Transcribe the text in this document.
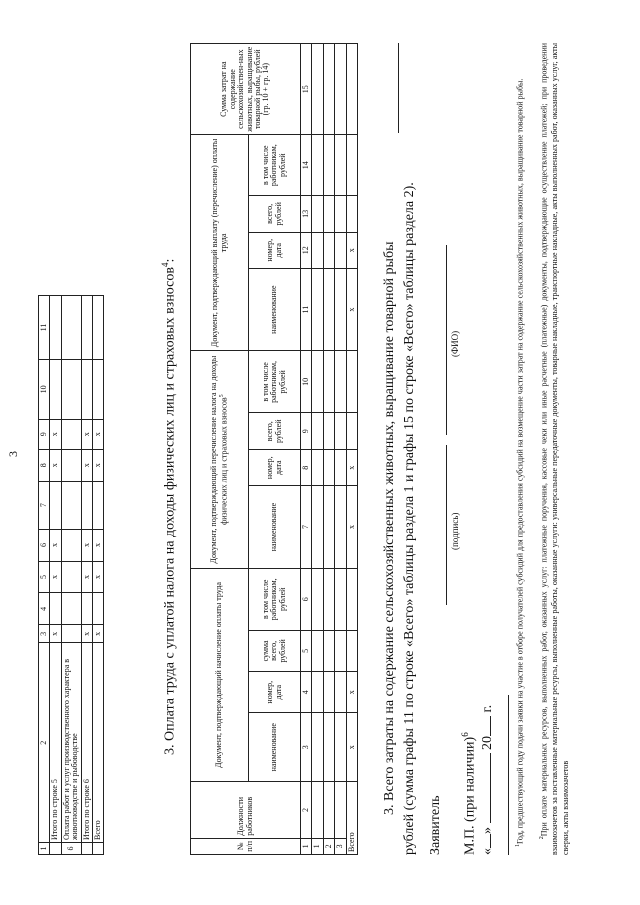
3
1	2	3	4	5	6	7	8	9	10	11
	Итого по строке 5	х		х	х		х	х		
6	Оплата работ и услуг производственного характера в животноводстве и рыбоводстве									
	Итого по строке 6	х		х	х		х	х		
	Всего	х		х	х		х	х			3. Оплата труда с уплатой налога на доходы физических лиц и страховых взносов$^4$:
№ п/п	Должности работников	Документ, подтверждающий начисление оплаты труда				Документ, подтверждающий перечисление налога на доходы физических лиц и страховых взносов$^5$				Документ, подтверждающий выплату (перечисление) оплаты труда				Сумма затрат на содержание сельскохозяйствен-ных животных, выращивание товарной рыбы, рублей (гр. 10 + гр. 14)
		наименование	номер, дата	сумма всего, рублей	в том числе работникам, рублей	наименование	номер, дата	всего, рублей	в том числе работникам, рублей	наименование	номер, дата	всего, рублей	в том числе работникам, рублей	
1	2	3	4	5	6	7	8	9	10	11	12	13	14	15
1														
2														
3														
Всего		х	х			х	х			х	х			3. Всего затраты на содержание сельскохозяйственных животных, выращивание товарной рыбы рублей (сумма графы 11 по строке «Всего» таблицы раздела 1 и графы 15 по строке «Всего» таблицы раздела 2). Заявитель
(подпись)
(ФИО)
М.П. (при наличии)$^6$
«»  20 г.
$^1$Год, предшествующий году подачи заявки на участие в отборе получателей субсидий для предоставления субсидий на возмещение части затрат на содержание сельскохозяйственных животных, выращивание товарной рыбы. $^2$При оплате материальных ресурсов, выполненных работ, оказанных услуг: платежные поручения, кассовые чеки или иные расчетные (платежные) документы, подтверждающие осуществление платежей; при проведении взаимозачетов за поставленные материальные ресурсы, выполненные работы, оказанные услуги: универсальные передаточные документы, товарные накладные, транспортные накладные, акты выполненных работ, оказанных услуг, акты сверки, акты взаимозачетов
